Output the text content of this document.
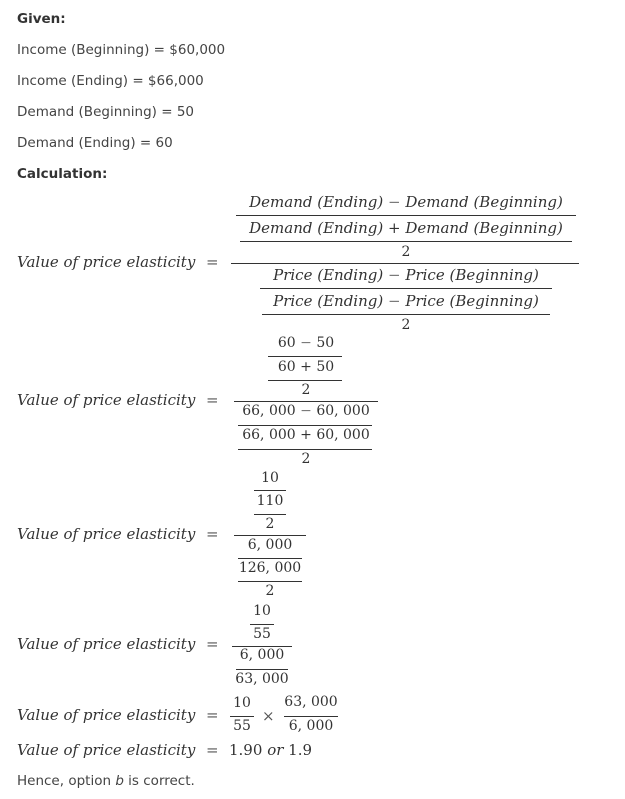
Given:
Income (Beginning) = $60,000
Income (Ending) = $66,000
Demand (Beginning) = 50
Demand (Ending) = 60
Calculation:
Value of price elasticity =
Demand (Ending) − Demand (Beginning)
Demand (Ending) + Demand (Beginning)
2
Price (Ending) − Price (Beginning)
Price (Ending) − Price (Beginning)
2
Value of price elasticity =
60 − 50
60 + 50
2
66, 000 − 60, 000
66, 000 + 60, 000
2
Value of price elasticity =
10
110
2
6, 000
126, 000
2
Value of price elasticity =
10
55
6, 000
63, 000
Value of price elasticity =
10
55
×
63, 000
6, 000
Value of price elasticity = 1.90 or 1.9
Hence, option b is correct.
